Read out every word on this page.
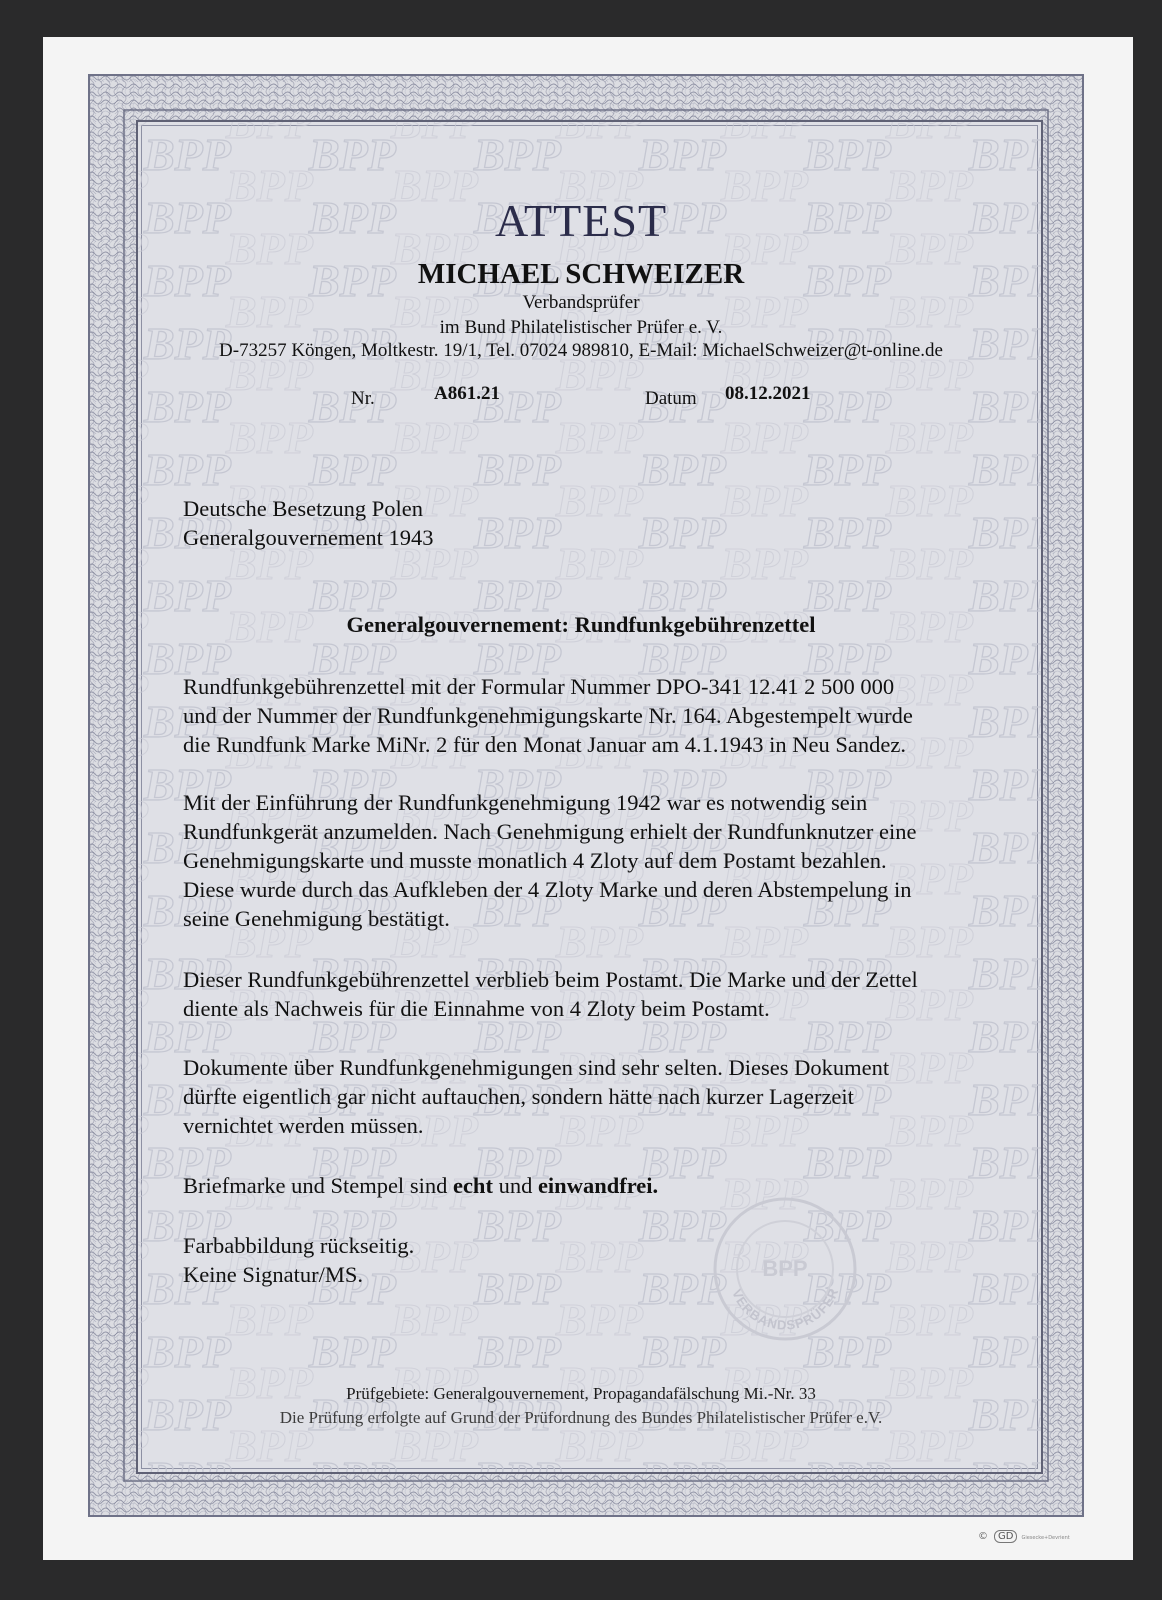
VERBANDSPRÜFER
BPP
ATTEST
MICHAEL SCHWEIZER
Verbandsprüfer
im Bund Philatelistischer Prüfer e. V.
D-73257 Köngen, Moltkestr. 19/1, Tel. 07024 989810, E-Mail: MichaelSchweizer@t-online.de
Nr.	A861.21	Datum 08.12.2021
Deutsche Besetzung Polen
Generalgouvernement 1943
Generalgouvernement: Rundfunkgebührenzettel
Rundfunkgebührenzettel mit der Formular Nummer DPO-341 12.41 2 500 000
und der Nummer der Rundfunkgenehmigungskarte Nr. 164. Abgestempelt wurde
die Rundfunk Marke MiNr. 2 für den Monat Januar am 4.1.1943 in Neu Sandez.
Mit der Einführung der Rundfunkgenehmigung 1942 war es notwendig sein
Rundfunkgerät anzumelden. Nach Genehmigung erhielt der Rundfunknutzer eine
Genehmigungskarte und musste monatlich 4 Zloty auf dem Postamt bezahlen.
Diese wurde durch das Aufkleben der 4 Zloty Marke und deren Abstempelung in
seine Genehmigung bestätigt.
Dieser Rundfunkgebührenzettel verblieb beim Postamt. Die Marke und der Zettel
diente als Nachweis für die Einnahme von 4 Zloty beim Postamt.
Dokumente über Rundfunkgenehmigungen sind sehr selten. Dieses Dokument
dürfte eigentlich gar nicht auftauchen, sondern hätte nach kurzer Lagerzeit
vernichtet werden müssen.
Briefmarke und Stempel sind echt und einwandfrei.
Farbabbildung rückseitig.
Keine Signatur/MS.
Prüfgebiete: Generalgouvernement, Propagandafälschung Mi.-Nr. 33
Die Prüfung erfolgte auf Grund der Prüfordnung des Bundes Philatelistischer Prüfer e.V.
© GD Giesecke+Devrient
